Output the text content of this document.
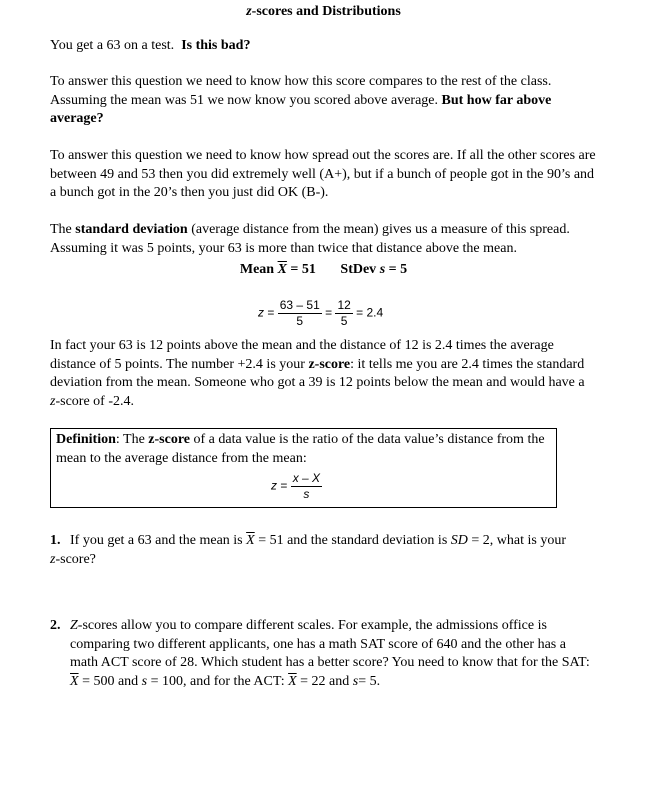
z-scores and Distributions
You get a 63 on a test. Is this bad?
To answer this question we need to know how this score compares to the rest of the class. Assuming the mean was 51 we now know you scored above average. But how far above average?
To answer this question we need to know how spread out the scores are. If all the other scores are between 49 and 53 then you did extremely well (A+), but if a bunch of people got in the 90’s and a bunch got in the 20’s then you just did OK (B-).
The standard deviation (average distance from the mean) gives us a measure of this spread. Assuming it was 5 points, your 63 is more than twice that distance above the mean.
Mean $\overline{X} = 51$ StDev s = 5
$z = \frac{63 - 51}{5} = \frac{12}{5} = 2.4$
In fact your 63 is 12 points above the mean and the distance of 12 is 2.4 times the average distance of 5 points. The number +2.4 is your z-score: it tells me you are 2.4 times the standard deviation from the mean. Someone who got a 39 is 12 points below the mean and would have a z-score of -2.4.
Definition: The z-score of a data value is the ratio of the data value’s distance from the mean to the average distance from the mean:
$z = \frac{x - X}{s}$
1. If you get a 63 and the mean is $\overline{X} = 51$ and the standard deviation is SD = 2, what is your
z-score?
2. Z-scores allow you to compare different scales. For example, the admissions office is comparing two different applicants, one has a math SAT score of 640 and the other has a math ACT score of 28. Which student has a better score? You need to know that for the SAT: $\overline{X} = 500$ and s = 100, and for the ACT: $\overline{X} = 22$ and s= 5.
